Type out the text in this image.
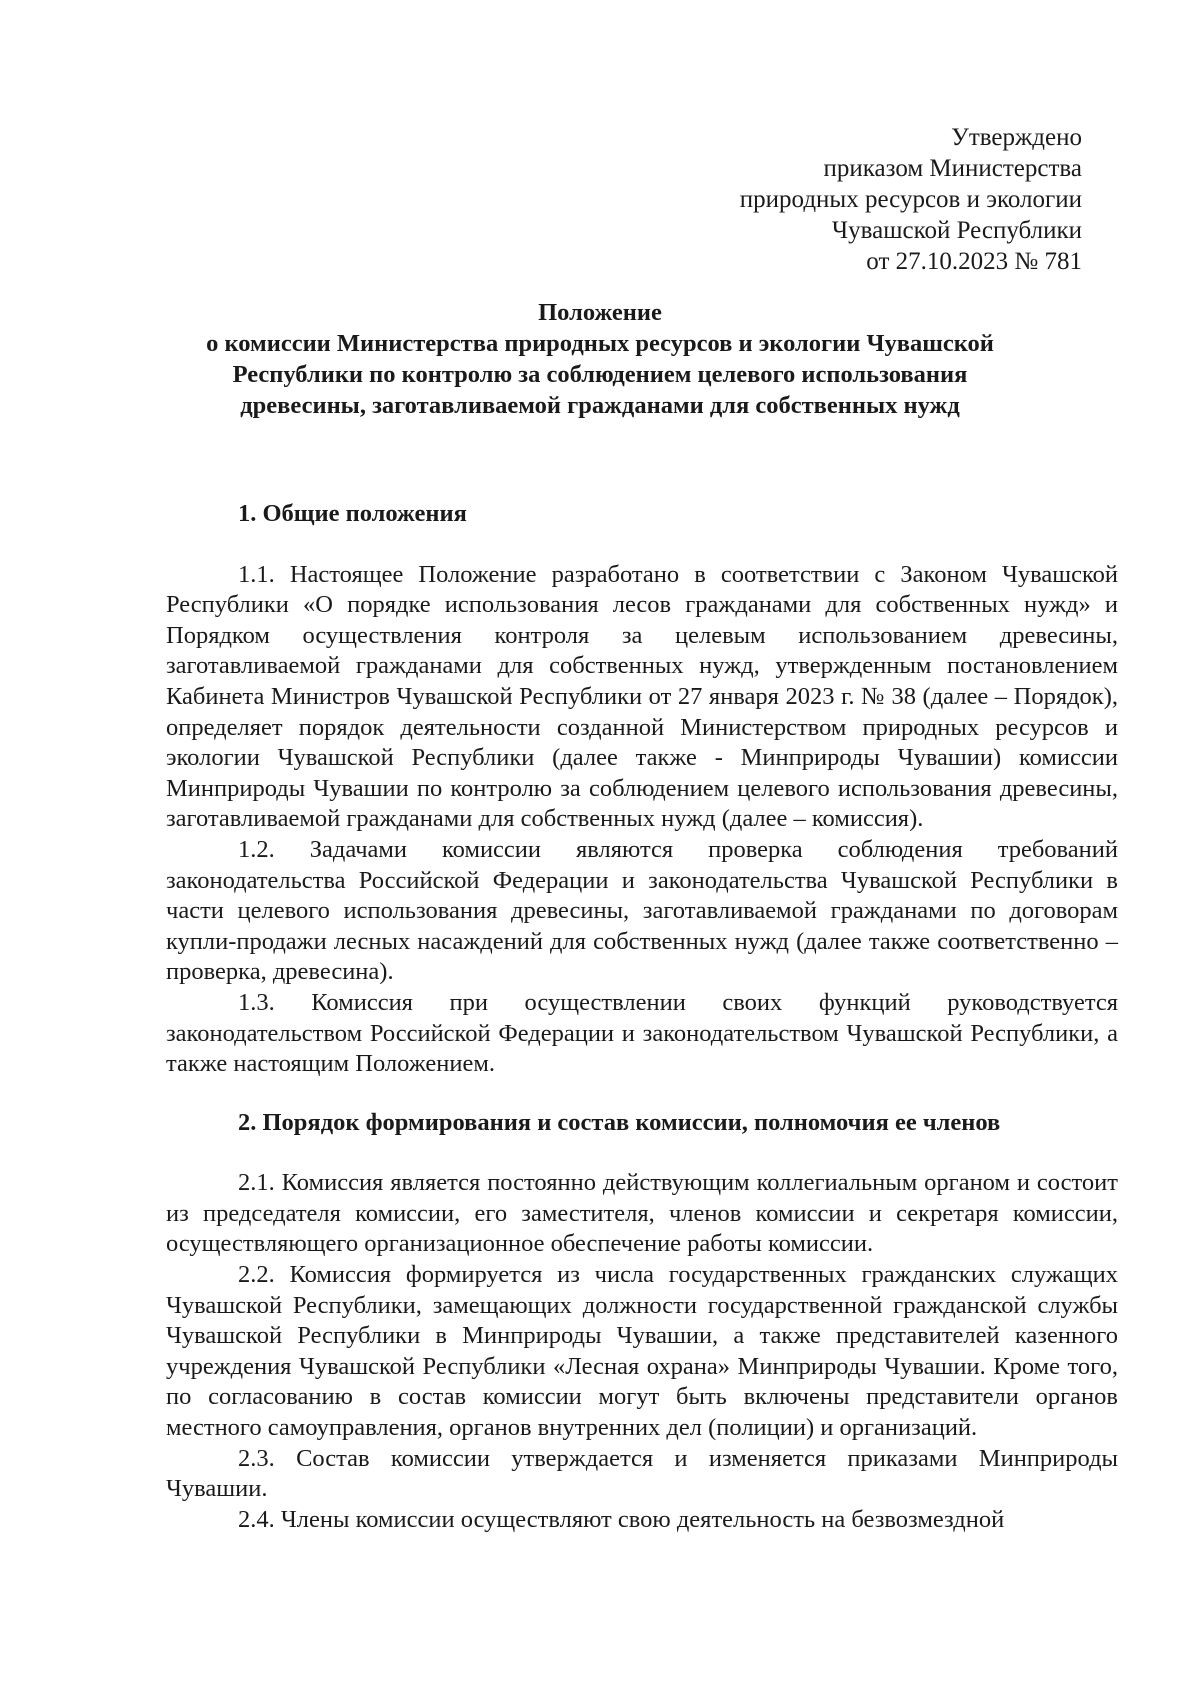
Утверждено
приказом Министерства
природных ресурсов и экологии
Чувашской Республики
от 27.10.2023 № 781
Положение
о комиссии Министерства природных ресурсов и экологии Чувашской
Республики по контролю за соблюдением целевого использования
древесины, заготавливаемой гражданами для собственных нужд
1. Общие положения

1.1. Настоящее Положение разработано в соответствии с Законом Чувашской Республики «О порядке использования лесов гражданами для собственных нужд» и Порядком осуществления контроля за целевым использованием древесины, заготавливаемой гражданами для собственных нужд, утвержденным постановлением Кабинета Министров Чувашской Республики от 27 января 2023 г. № 38 (далее – Порядок), определяет порядок деятельности созданной Министерством природных ресурсов и экологии Чувашской Республики (далее также - Минприроды Чувашии) комиссии Минприроды Чувашии по контролю за соблюдением целевого использования древесины, заготавливаемой гражданами для собственных нужд (далее – комиссия).

1.2. Задачами комиссии являются проверка соблюдения требований законодательства Российской Федерации и законодательства Чувашской Республики в части целевого использования древесины, заготавливаемой гражданами по договорам купли-продажи лесных насаждений для собственных нужд (далее также соответственно – проверка, древесина).

1.3. Комиссия при осуществлении своих функций руководствуется законодательством Российской Федерации и законодательством Чувашской Республики, а также настоящим Положением.

2. Порядок формирования и состав комиссии, полномочия ее членов

2.1. Комиссия является постоянно действующим коллегиальным органом и состоит из председателя комиссии, его заместителя, членов комиссии и секретаря комиссии, осуществляющего организационное обеспечение работы комиссии.

2.2. Комиссия формируется из числа государственных гражданских служащих Чувашской Республики, замещающих должности государственной гражданской службы Чувашской Республики в Минприроды Чувашии, а также представителей казенного учреждения Чувашской Республики «Лесная охрана» Минприроды Чувашии. Кроме того, по согласованию в состав комиссии могут быть включены представители органов местного самоуправления, органов внутренних дел (полиции) и организаций.

2.3. Состав комиссии утверждается и изменяется приказами Минприроды Чувашии.

2.4. Члены комиссии осуществляют свою деятельность на безвозмездной
